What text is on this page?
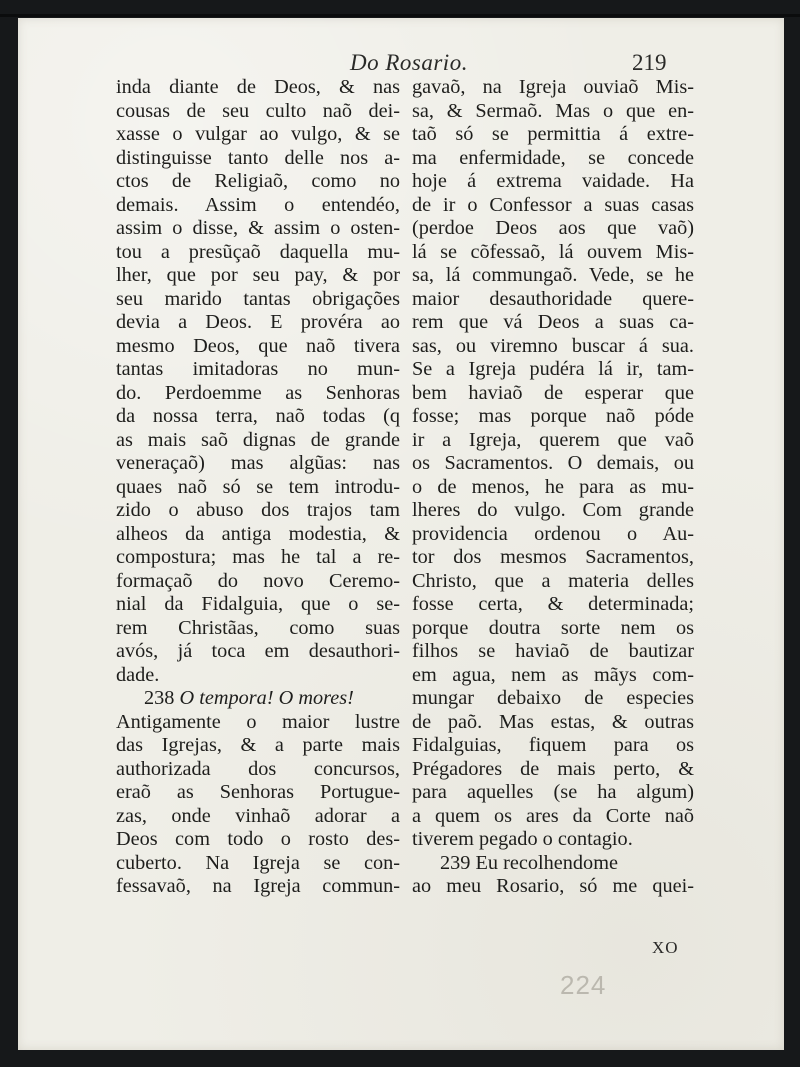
Do Rosario.	219
inda diante de Deos, & nas
cousas de seu culto naõ dei-
xasse o vulgar ao vulgo, & se
distinguisse tanto delle nos a-
ctos de Religiaõ, como no
demais. Assim o entendéo,
assim o disse, & assim o osten-
tou a presũçaõ daquella mu-
lher, que por seu pay, & por
seu marido tantas obrigações
devia a Deos. E provéra ao
mesmo Deos, que naõ tivera
tantas imitadoras no mun-
do. Perdoemme as Senhoras
da nossa terra, naõ todas (q
as mais saõ dignas de grande
veneraçaõ) mas algũas: nas
quaes naõ só se tem introdu-
zido o abuso dos trajos tam
alheos da antiga modestia, &
compostura; mas he tal a re-
formaçaõ do novo Ceremo-
nial da Fidalguia, que o se-
rem Christãas, como suas
avós, já toca em desauthori-
dade.
238 O tempora! O mores!
Antigamente o maior lustre
das Igrejas, & a parte mais
authorizada dos concursos,
eraõ as Senhoras Portugue-
zas, onde vinhaõ adorar a
Deos com todo o rosto des-
cuberto. Na Igreja se con-
fessavaõ, na Igreja commun-
gavaõ, na Igreja ouviaõ Mis-
sa, & Sermaõ. Mas o que en-
taõ só se permittia á extre-
ma enfermidade, se concede
hoje á extrema vaidade. Ha
de ir o Confessor a suas casas
(perdoe Deos aos que vaõ)
lá se cõfessaõ, lá ouvem Mis-
sa, lá commungaõ. Vede, se he
maior desauthoridade quere-
rem que vá Deos a suas ca-
sas, ou viremno buscar á sua.
Se a Igreja pudéra lá ir, tam-
bem haviaõ de esperar que
fosse; mas porque naõ póde
ir a Igreja, querem que vaõ
os Sacramentos. O demais, ou
o de menos, he para as mu-
lheres do vulgo. Com grande
providencia ordenou o Au-
tor dos mesmos Sacramentos,
Christo, que a materia delles
fosse certa, & determinada;
porque doutra sorte nem os
filhos se haviaõ de bautizar
em agua, nem as mãys com-
mungar debaixo de especies
de paõ. Mas estas, & outras
Fidalguias, fiquem para os
Prégadores de mais perto, &
para aquelles (se ha algum)
a quem os ares da Corte naõ
tiverem pegado o contagio.
239 Eu recolhendome
ao meu Rosario, só me quei-
XO
224
